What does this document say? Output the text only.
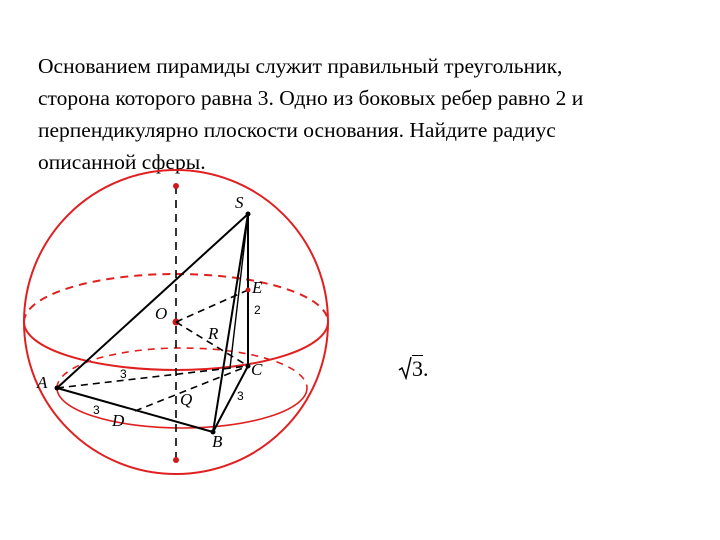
Основанием пирамиды служит правильный треугольник,
сторона которого равна 3. Одно из боковых ребер равно 2 и
перпендикулярно плоскости основания. Найдите радиус
описанной сферы.
S
E
O
R
C
A
Q
D
B
3
3
3
2
3.
